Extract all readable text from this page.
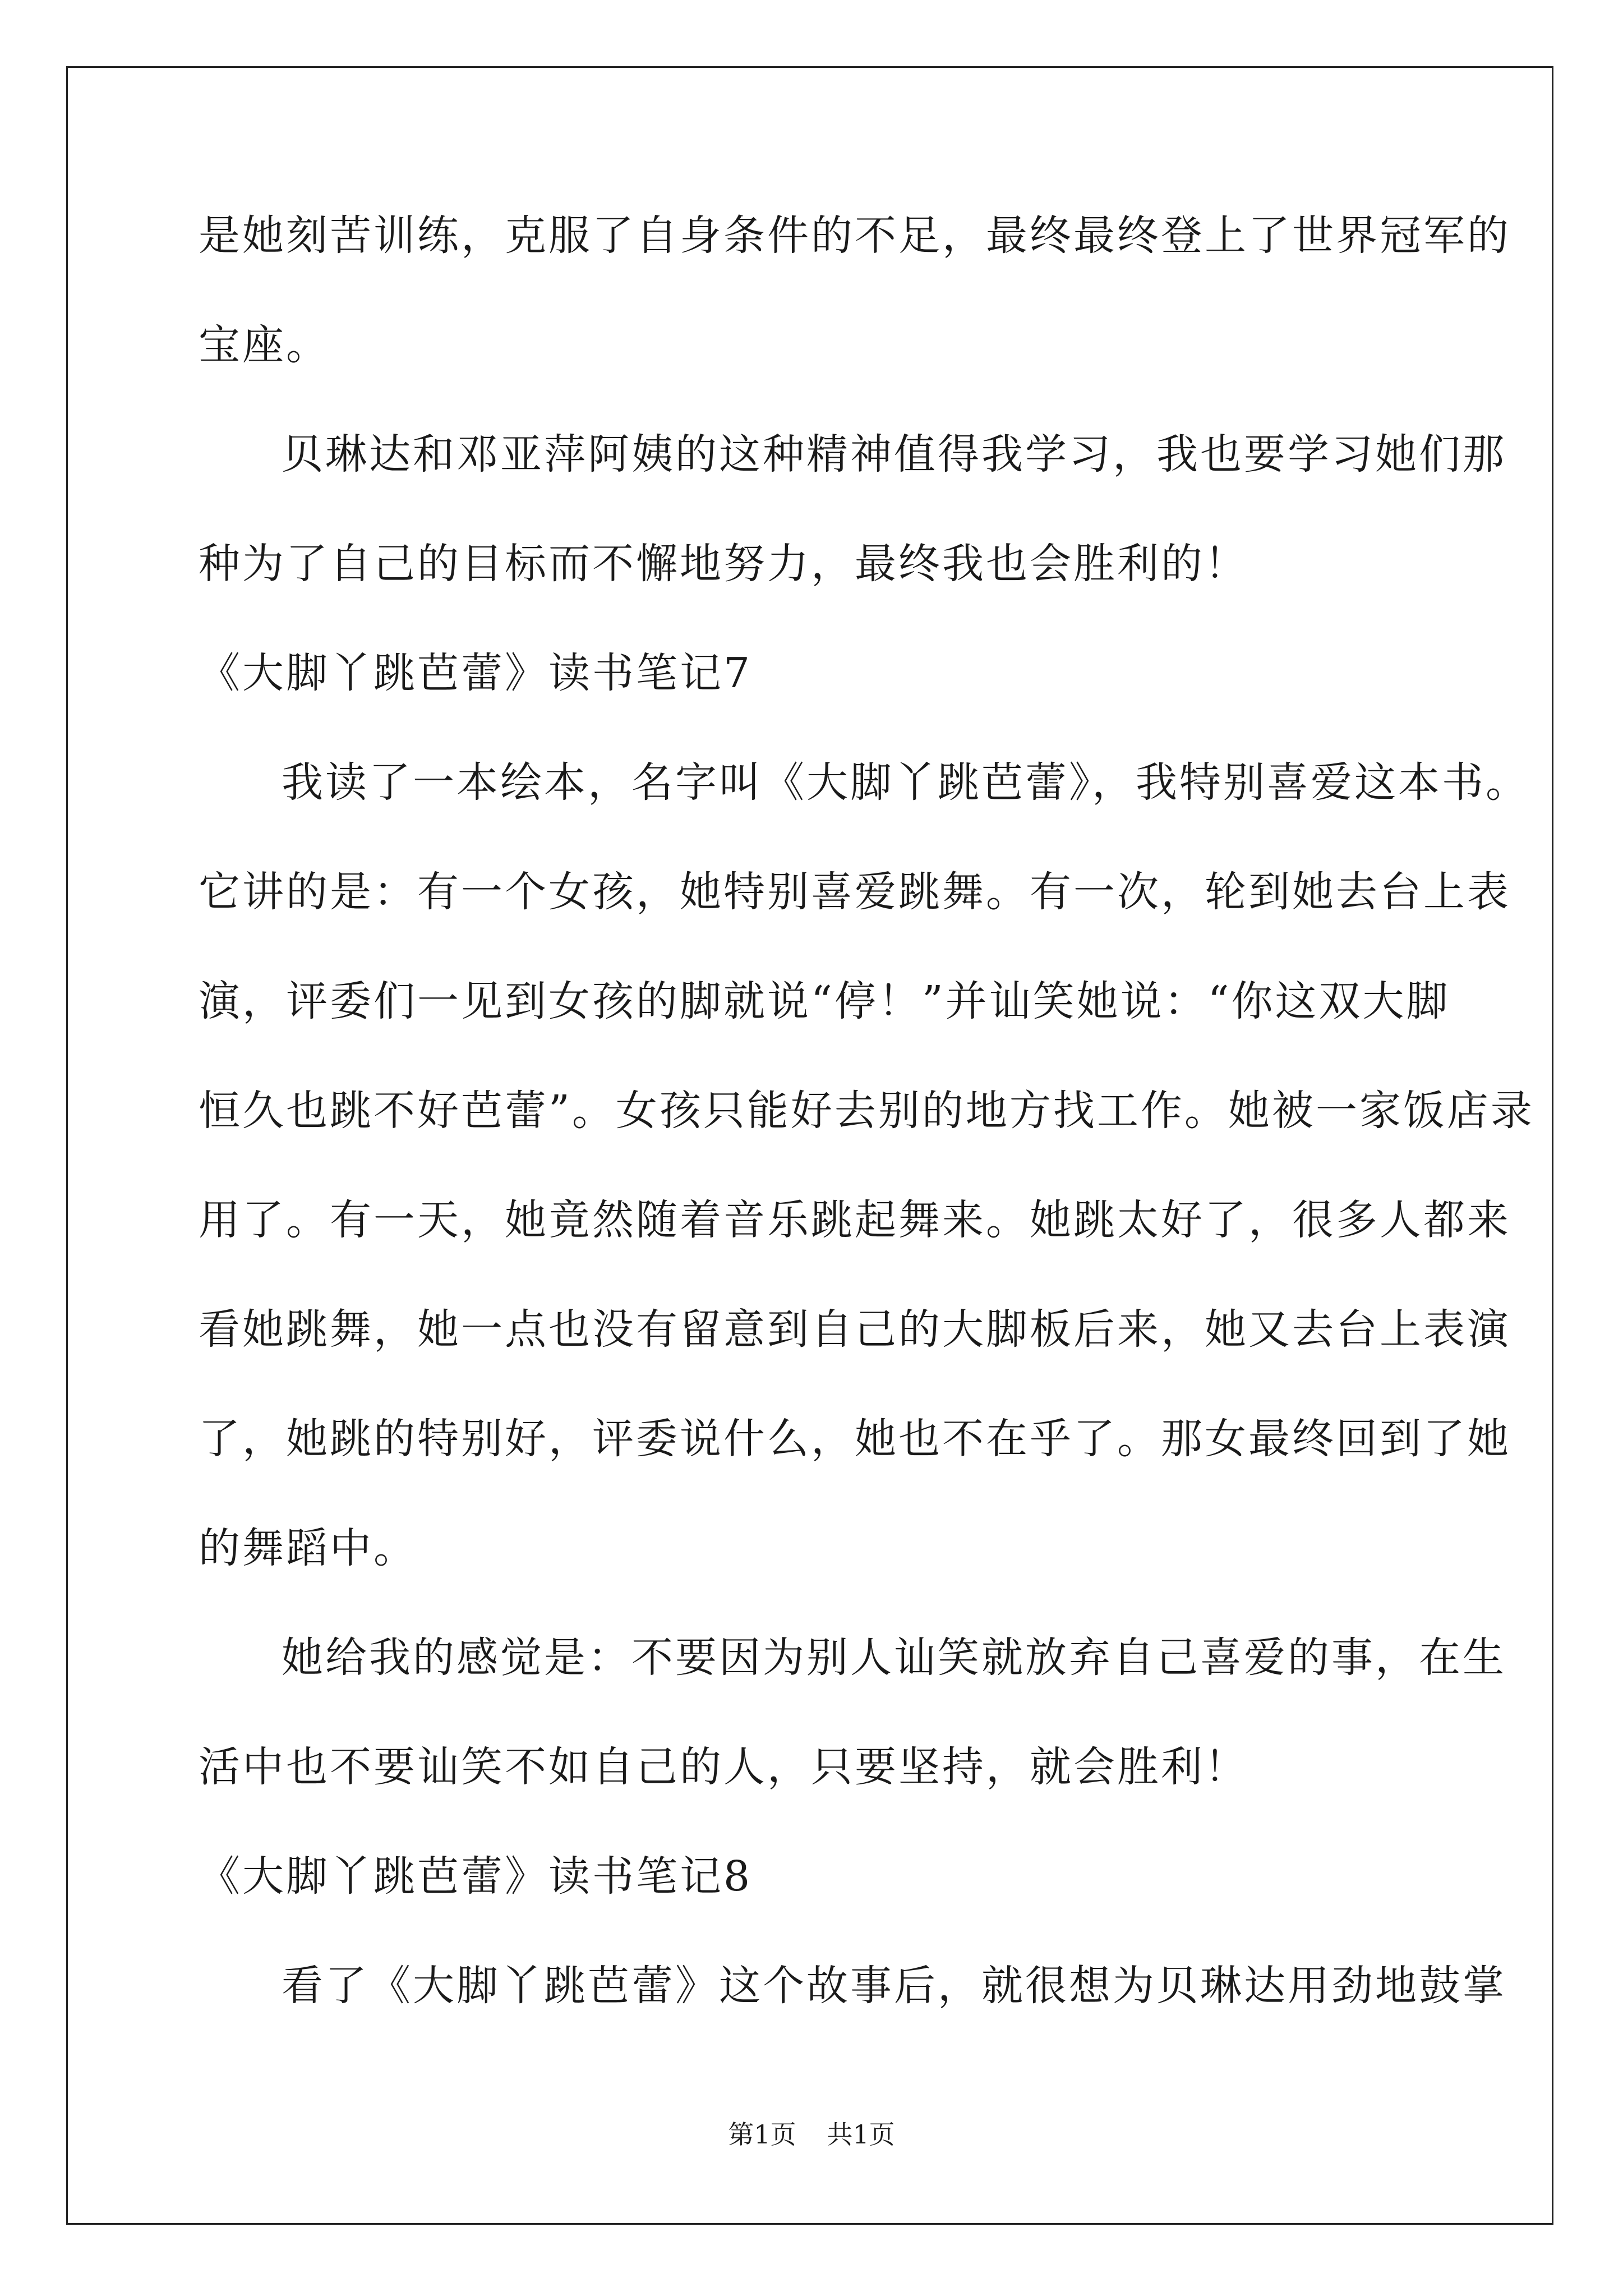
是她刻苦训练，克服了自身条件的不足，最终最终登上了世界冠军的

宝座。

贝琳达和邓亚萍阿姨的这种精神值得我学习，我也要学习她们那

种为了自己的目标而不懈地努力，最终我也会胜利的！

《大脚丫跳芭蕾》读书笔记7

我读了一本绘本，名字叫《大脚丫跳芭蕾》，我特别喜爱这本书。

它讲的是：有一个女孩，她特别喜爱跳舞。有一次，轮到她去台上表

演，评委们一见到女孩的脚就说“停！”并讪笑她说：“你这双大脚

恒久也跳不好芭蕾”。女孩只能好去别的地方找工作。她被一家饭店录

用了。有一天，她竟然随着音乐跳起舞来。她跳太好了，很多人都来

看她跳舞，她一点也没有留意到自己的大脚板后来，她又去台上表演

了，她跳的特别好，评委说什么，她也不在乎了。那女最终回到了她

的舞蹈中。

她给我的感觉是：不要因为别人讪笑就放弃自己喜爱的事，在生

活中也不要讪笑不如自己的人，只要坚持，就会胜利！

《大脚丫跳芭蕾》读书笔记8

看了《大脚丫跳芭蕾》这个故事后，就很想为贝琳达用劲地鼓掌

第1页 共1页
